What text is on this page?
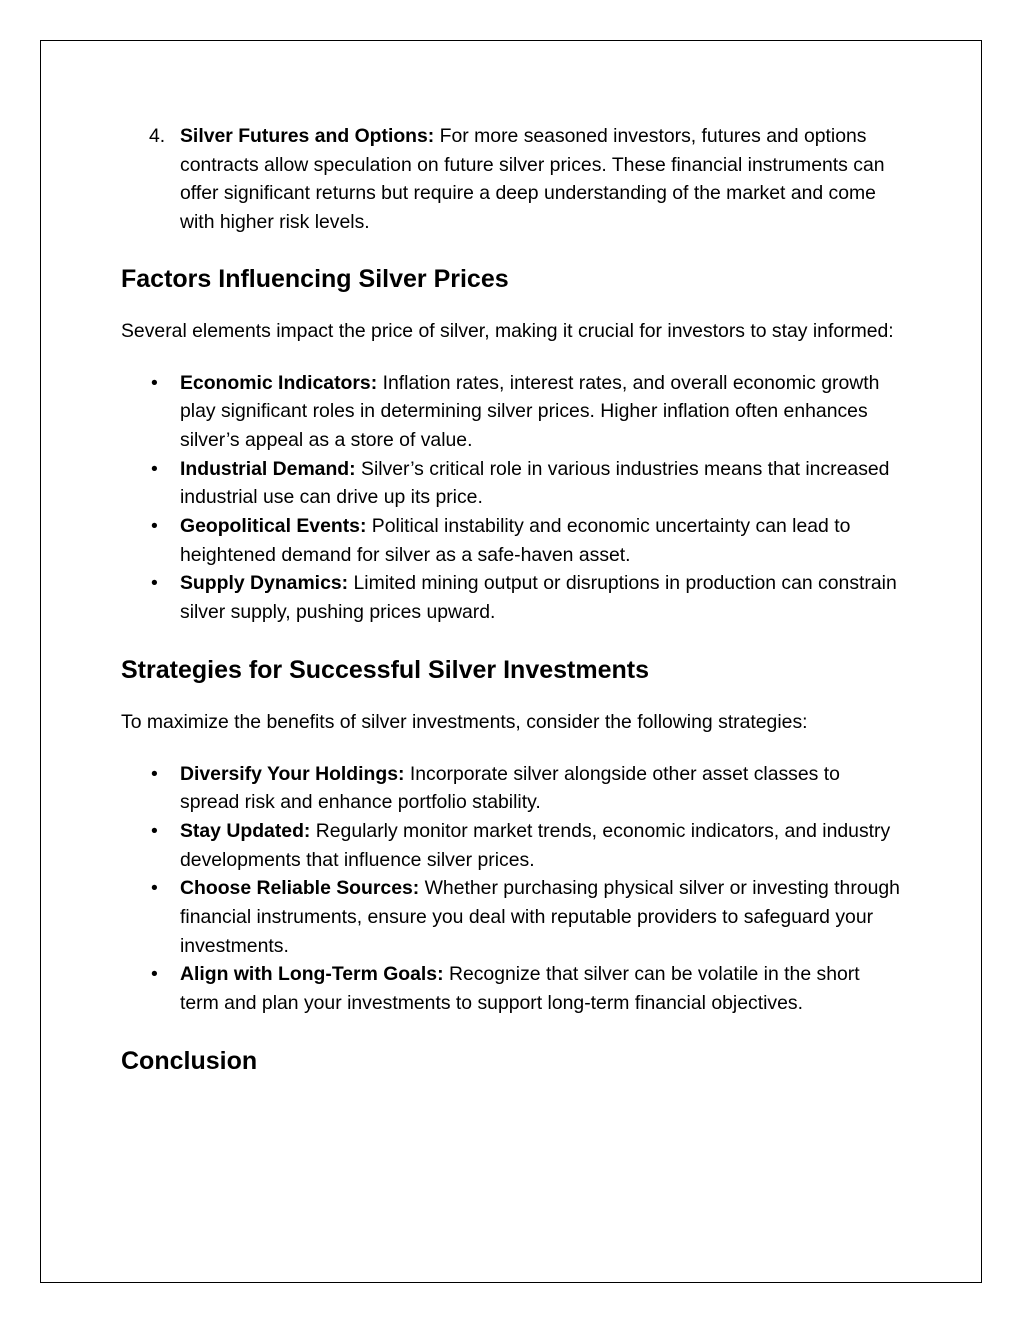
4. Silver Futures and Options: For more seasoned investors, futures and options contracts allow speculation on future silver prices. These financial instruments can offer significant returns but require a deep understanding of the market and come with higher risk levels.

Factors Influencing Silver Prices

Several elements impact the price of silver, making it crucial for investors to stay informed:

• Economic Indicators: Inflation rates, interest rates, and overall economic growth play significant roles in determining silver prices. Higher inflation often enhances silver’s appeal as a store of value.
• Industrial Demand: Silver’s critical role in various industries means that increased industrial use can drive up its price.
• Geopolitical Events: Political instability and economic uncertainty can lead to heightened demand for silver as a safe-haven asset.
• Supply Dynamics: Limited mining output or disruptions in production can constrain silver supply, pushing prices upward.
Strategies for Successful Silver Investments

To maximize the benefits of silver investments, consider the following strategies:

• Diversify Your Holdings: Incorporate silver alongside other asset classes to spread risk and enhance portfolio stability.
• Stay Updated: Regularly monitor market trends, economic indicators, and industry developments that influence silver prices.
• Choose Reliable Sources: Whether purchasing physical silver or investing through financial instruments, ensure you deal with reputable providers to safeguard your investments.
• Align with Long-Term Goals: Recognize that silver can be volatile in the short term and plan your investments to support long-term financial objectives.
Conclusion
